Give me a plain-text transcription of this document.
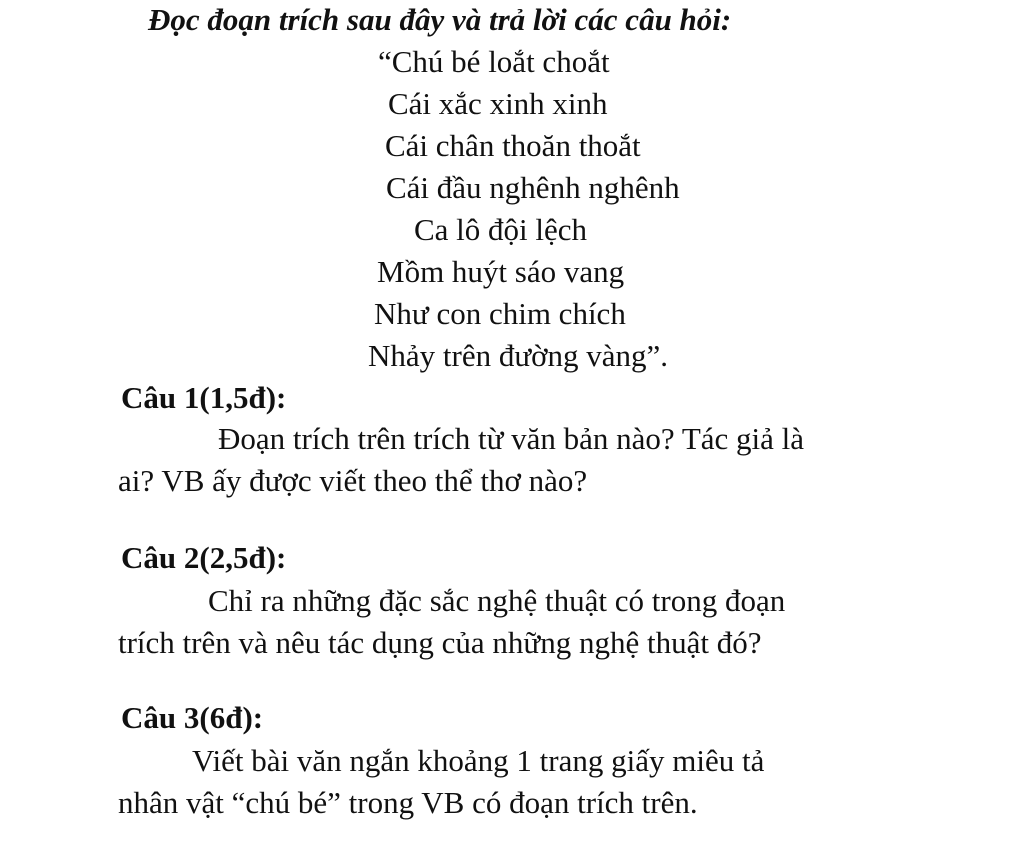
Đọc đoạn trích sau đây và trả lời các câu hỏi:
“Chú bé loắt choắt
Cái xắc xinh xinh
Cái chân thoăn thoắt
Cái đầu nghênh nghênh
Ca lô đội lệch
Mồm huýt sáo vang
Như con chim chích
Nhảy trên đường vàng”.
Câu 1(1,5đ):
Đoạn trích trên trích từ văn bản nào? Tác giả là
ai? VB ấy được viết theo thể thơ nào?
Câu 2(2,5đ):
Chỉ ra những đặc sắc nghệ thuật có trong đoạn
trích trên và nêu tác dụng của những nghệ thuật đó?
Câu 3(6đ):
Viết bài văn ngắn khoảng 1 trang giấy miêu tả
nhân vật “chú bé” trong VB có đoạn trích trên.
